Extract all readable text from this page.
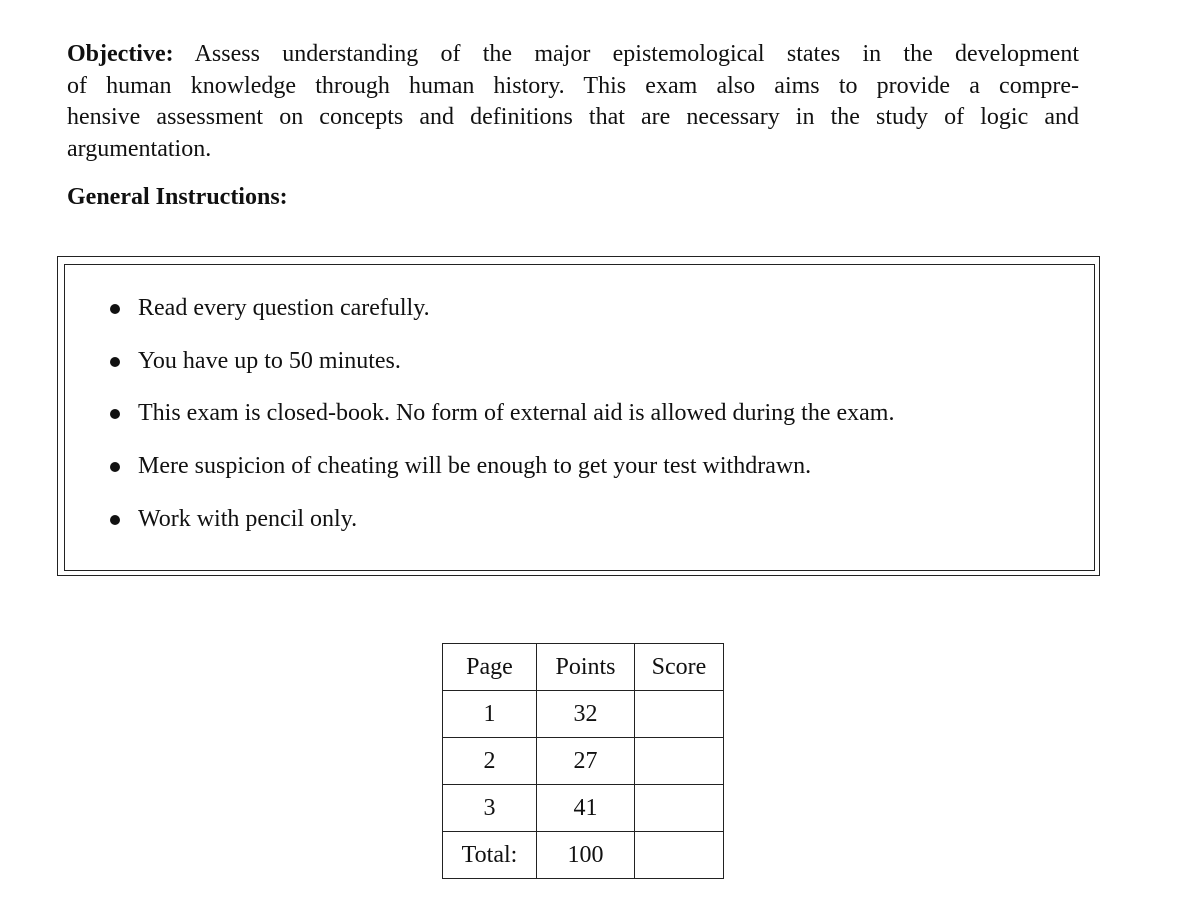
Objective: Assess understanding of the major epistemological states in the development
of human knowledge through human history. This exam also aims to provide a compre-
hensive assessment on concepts and definitions that are necessary in the study of logic and
argumentation.
General Instructions:
Read every question carefully.
You have up to 50 minutes.
This exam is closed-book. No form of external aid is allowed during the exam.
Mere suspicion of cheating will be enough to get your test withdrawn.
Work with pencil only.
Page	Points	Score
1	32	
2	27	
3	41	
Total:	100	
